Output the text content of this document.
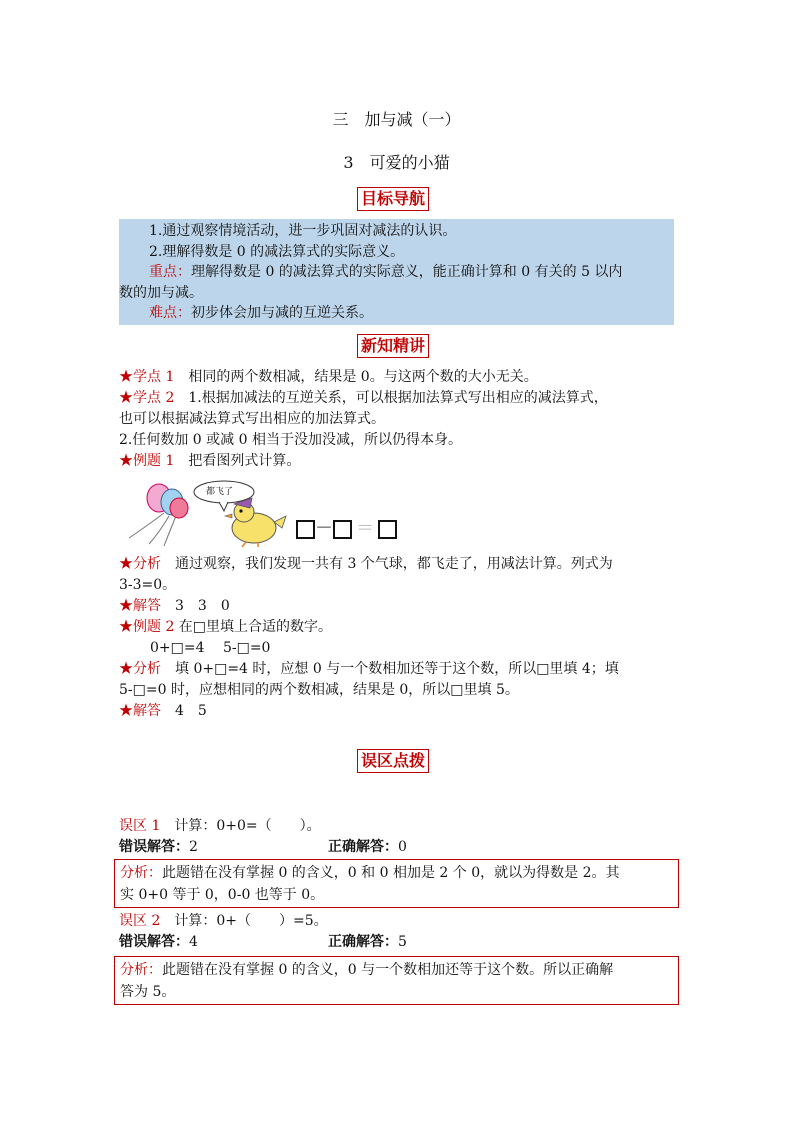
三　加与减（一）
3　可爱的小猫
目标导航
1.通过观察情境活动，进一步巩固对减法的认识。
2.理解得数是 0 的减法算式的实际意义。
重点：理解得数是 0 的减法算式的实际意义，能正确计算和 0 有关的 5 以内
数的加与减。
难点：初步体会加与减的互逆关系。
新知精讲
★学点 1　相同的两个数相减，结果是 0。与这两个数的大小无关。
★学点 2　1.根据加减法的互逆关系，可以根据加法算式写出相应的减法算式，
也可以根据减法算式写出相应的加法算式。
2.任何数加 0 或减 0 相当于没加没减，所以仍得本身。
★例题 1　把看图列式计算。
都飞了
－ ＝
★分析　通过观察，我们发现一共有 3 个气球，都飞走了，用减法计算。列式为
3-3=0。
★解答　3　3　0
★例题 2 在□里填上合适的数字。
0+□=4　 5-□=0
★分析　填 0+□=4 时，应想 0 与一个数相加还等于这个数，所以□里填 4；填
5-□=0 时，应想相同的两个数相减，结果是 0，所以□里填 5。
★解答　4　5
误区点拨
误区 1　计算：0+0=（　　）。
错误解答：2	正确解答：0
分析：此题错在没有掌握 0 的含义，0 和 0 相加是 2 个 0，就以为得数是 2。其
实 0+0 等于 0，0-0 也等于 0。
误区 2　计算：0+（　　）=5。
错误解答：4	正确解答：5
分析：此题错在没有掌握 0 的含义，0 与一个数相加还等于这个数。所以正确解
答为 5。
